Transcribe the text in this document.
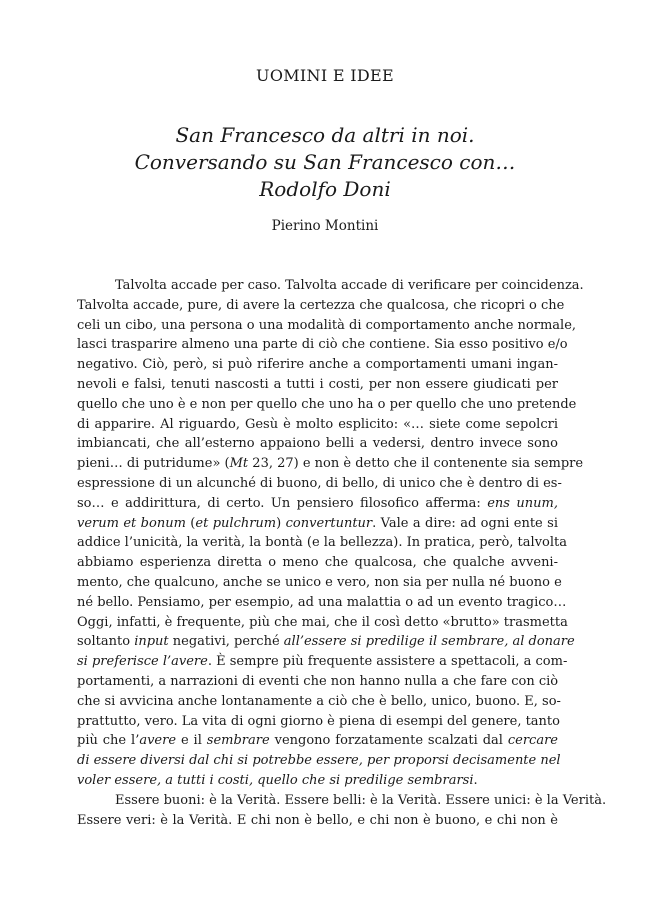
UOMINI E IDEE
San Francesco da altri in noi.
Conversando su San Francesco con…
Rodolfo Doni
Pierino Montini

Talvolta accade per caso. Talvolta accade di verificare per coincidenza.
Talvolta accade, pure, di avere la certezza che qualcosa, che ricopri o che
celi un cibo, una persona o una modalità di comportamento anche normale,
lasci trasparire almeno una parte di ciò che contiene. Sia esso positivo e/o
negativo. Ciò, però, si può riferire anche a comportamenti umani ingan-
nevoli e falsi, tenuti nascosti a tutti i costi, per non essere giudicati per
quello che uno è e non per quello che uno ha o per quello che uno pretende
di apparire. Al riguardo, Gesù è molto esplicito: «… siete come sepolcri
imbiancati, che all’esterno appaiono belli a vedersi, dentro invece sono
pieni… di putridume» (Mt 23, 27) e non è detto che il contenente sia sempre
espressione di un alcunché di buono, di bello, di unico che è dentro di es-
so… e addirittura, di certo. Un pensiero filosofico afferma: ens unum,
verum et bonum (et pulchrum) convertuntur. Vale a dire: ad ogni ente si
addice l’unicità, la verità, la bontà (e la bellezza). In pratica, però, talvolta
abbiamo esperienza diretta o meno che qualcosa, che qualche avveni-
mento, che qualcuno, anche se unico e vero, non sia per nulla né buono e
né bello. Pensiamo, per esempio, ad una malattia o ad un evento tragico…
Oggi, infatti, è frequente, più che mai, che il così detto «brutto» trasmetta
soltanto input negativi, perché all’essere si predilige il sembrare, al donare
si preferisce l’avere. È sempre più frequente assistere a spettacoli, a com-
portamenti, a narrazioni di eventi che non hanno nulla a che fare con ciò
che si avvicina anche lontanamente a ciò che è bello, unico, buono. E, so-
prattutto, vero. La vita di ogni giorno è piena di esempi del genere, tanto
più che l’avere e il sembrare vengono forzatamente scalzati dal cercare
di essere diversi dal chi si potrebbe essere, per proporsi decisamente nel
voler essere, a tutti i costi, quello che si predilige sembrarsi.

Essere buoni: è la Verità. Essere belli: è la Verità. Essere unici: è la Verità.
Essere veri: è la Verità. E chi non è bello, e chi non è buono, e chi non è
